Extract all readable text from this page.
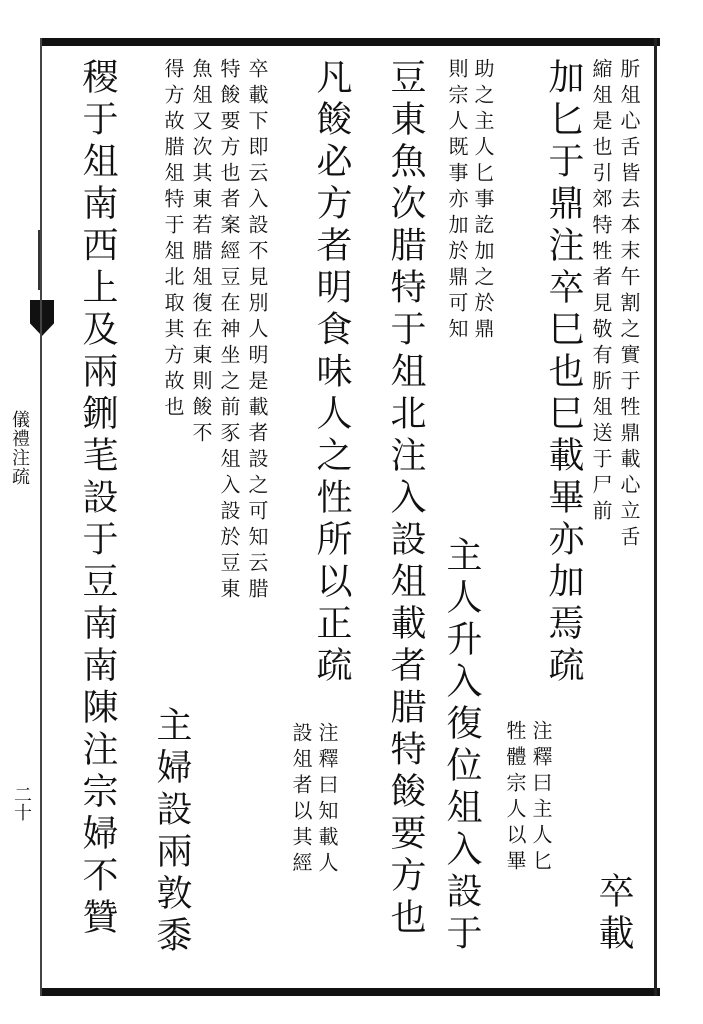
儀禮注疏
二十
肵俎心舌皆去本末午割之實于牲鼎載心立舌
縮俎是也引郊特牲者見敬有肵俎送于尸前
卒載
加匕于鼎注卒巳也巳載畢亦加焉疏
注釋曰主人匕
牲體宗人以畢
助之主人匕事訖加之於鼎
則宗人既事亦加於鼎可知
主人升入復位俎入設于
豆東魚次腊特于俎北注入設俎載者腊特餕要方也
凡餕必方者明食味人之性所以正疏
注釋曰知載人
設俎者以其經
卒載下即云入設不見別人明是載者設之可知云腊
特餕要方也者案經豆在神坐之前豕俎入設於豆東
魚俎又次其東若腊俎復在東則餕不
得方故腊俎特于俎北取其方故也
主婦設兩敦黍
稷于俎南西上及兩鉶芼設于豆南南陳注宗婦不贊
